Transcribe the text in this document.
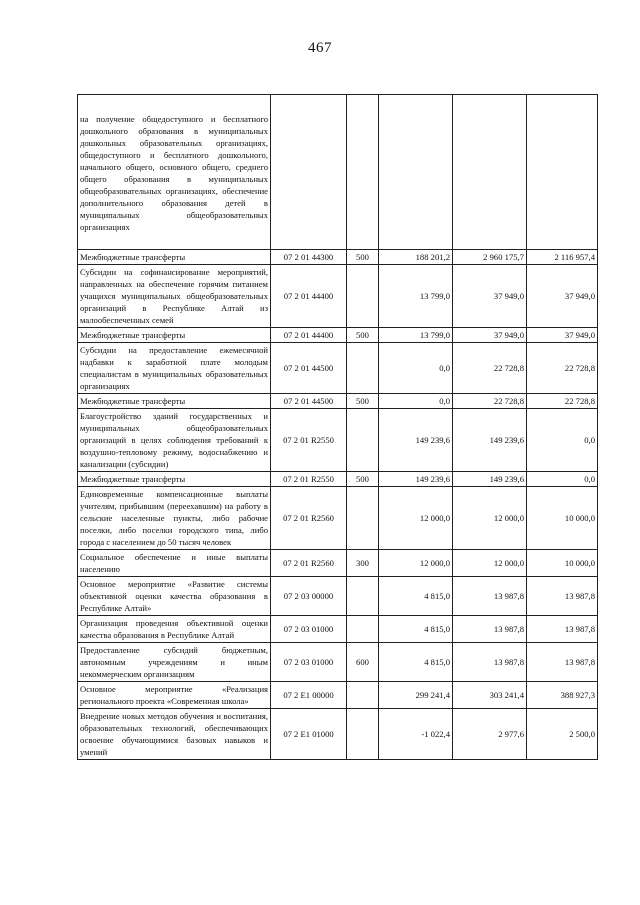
467
на получение общедоступного и бесплатного дошкольного образования в муниципальных дошкольных образовательных организациях, общедоступного и бесплатного дошкольного, начального общего, основного общего, среднего общего образования в муниципальных общеобразовательных организациях, обеспечение дополнительного образования детей в муниципальных общеобразовательных организациях					
Межбюджетные трансферты	07 2 01 44300	500	188 201,2	2 960 175,7	2 116 957,4
Субсидии на софинансирование мероприятий, направленных на обеспечение горячим питанием учащихся муниципальных общеобразовательных организаций в Республике Алтай из малообеспеченных семей	07 2 01 44400		13 799,0	37 949,0	37 949,0
Межбюджетные трансферты	07 2 01 44400	500	13 799,0	37 949,0	37 949,0
Субсидии на предоставление ежемесячной надбавки к заработной плате молодым специалистам в муниципальных образовательных организациях	07 2 01 44500		0,0	22 728,8	22 728,8
Межбюджетные трансферты	07 2 01 44500	500	0,0	22 728,8	22 728,8
Благоустройство зданий государственных и муниципальных общеобразовательных организаций в целях соблюдения требований к воздушно-тепловому режиму, водоснабжению и канализации (субсидии)	07 2 01 R2550		149 239,6	149 239,6	0,0
Межбюджетные трансферты	07 2 01 R2550	500	149 239,6	149 239,6	0,0
Единовременные компенсационные выплаты учителям, прибывшим (переехавшим) на работу в сельские населенные пункты, либо рабочие поселки, либо поселки городского типа, либо города с населением до 50 тысяч человек	07 2 01 R2560		12 000,0	12 000,0	10 000,0
Социальное обеспечение и иные выплаты населению	07 2 01 R2560	300	12 000,0	12 000,0	10 000,0
Основное мероприятие «Развитие системы объективной оценки качества образования в Республике Алтай»	07 2 03 00000		4 815,0	13 987,8	13 987,8
Организация проведения объективной оценки качества образования в Республике Алтай	07 2 03 01000		4 815,0	13 987,8	13 987,8
Предоставление субсидий бюджетным, автономным учреждениям и иным некоммерческим организациям	07 2 03 01000	600	4 815,0	13 987,8	13 987,8
Основное мероприятие «Реализация регионального проекта «Современная школа»	07 2 E1 00000		299 241,4	303 241,4	388 927,3
Внедрение новых методов обучения и воспитания, образовательных технологий, обеспечивающих освоение обучающимися базовых навыков и умений	07 2 E1 01000		-1 022,4	2 977,6	2 500,0
